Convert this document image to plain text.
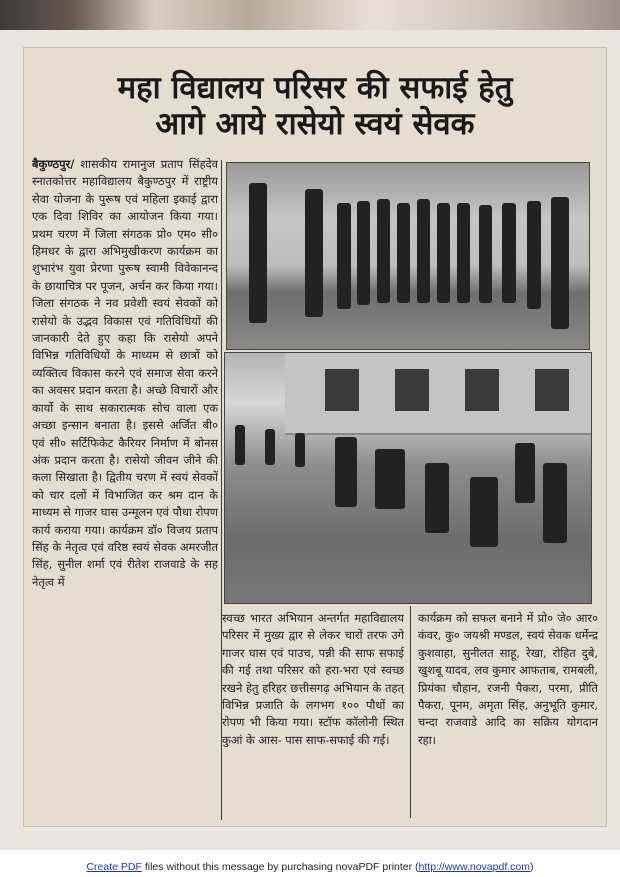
महा विद्यालय परिसर की सफाई हेतु
आगे आये रासेयो स्वयं सेवक
बैकुण्ठपुर/ शासकीय रामानुज प्रताप सिंहदेव स्नातकोत्तर महाविद्यालय बैकुण्ठपुर में राष्ट्रीय सेवा योजना के पुरूष एवं महिला इकाई द्वारा एक दिवा शिविर का आयोजन किया गया। प्रथम चरण में जिला संगठक प्रो० एम० सी० हिमधर के द्वारा अभिमुखीकरण कार्यक्रम का शुभारंभ युवा प्रेरणा पुरूष स्वामी विवेकानन्द के छायाचित्र पर पूजन, अर्चन कर किया गया। जिला संगठक ने नव प्रवेशी स्वयं सेवकों को रासेयो के उद्भव विकास एवं गतिविधियों की जानकारी देते हुए कहा कि रासेयो अपने विभिन्न गतिविधियों के माध्यम से छात्रों को व्यक्तित्व विकास करने एवं समाज सेवा करने का अवसर प्रदान करता है। अच्छे विचारों और कार्यो के साथ सकारात्मक सोच वाला एक अच्छा इन्सान बनाता है। इससे अर्जित बी० एवं सी० सर्टिफिकेट कैरियर निर्माण में बोनस अंक प्रदान करता है। रासेयो जीवन जीने की कला सिखाता है। द्वितीय चरण में स्वयं सेवकों को चार दलों में विभाजित कर श्रम दान के माध्यम से गाजर घास उन्मूलन एवं पौधा रोपण कार्य कराया गया। कार्यक्रम डॉ० विजय प्रताप सिंह के नेतृत्व एवं वरिष्ठ स्वयं सेवक अमरजीत सिंह, सुनील शर्मा एवं रीतेश राजवाडे के सह नेतृत्व में
स्वच्छ भारत अभियान अन्तर्गत महाविद्यालय परिसर में मुख्य द्वार से लेकर चारों तरफ उगे गाजर घास एवं पाउच, पन्नी की साफ सफाई की गई तथा परिसर को हरा-भरा एवं स्वच्छ रखने हेतु हरिहर छत्तीसगढ़ अभियान के तहत् विभिन्न प्रजाति के लगभग १०० पौधों का रोपण भी किया गया। स्टॉफ कॉलोनी स्थित कुआं के आस- पास साफ-सफाई की गई।
कार्यक्रम को सफल बनाने में प्रो० जे० आर० कंवर, कु० जयश्री मण्डल, स्वयं सेवक धर्मेन्द्र कुशवाहा, सुनीलत साहू, रेखा, रोहित दुबे, खुशबू यादव, लव कुमार आफताब, रामबली, प्रियंका चौहान, रजनी पैकरा, परमा, प्रीति पैकरा, पूनम, अमृता सिंह, अनुभूति कुमार, चन्दा राजवाडे आदि का सक्रिय योगदान रहा।
Create PDF files without this message by purchasing novaPDF printer (http://www.novapdf.com)
